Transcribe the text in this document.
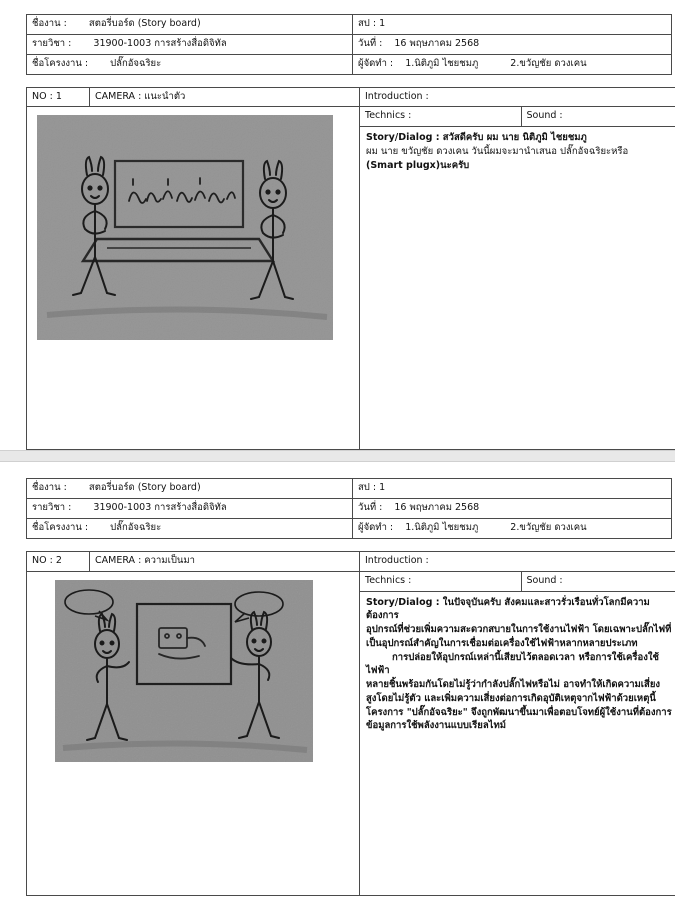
ชื่องาน : สตอรี่บอร์ด (Story board)	สป : 1
รายวิชา : 31900-1003 การสร้างสื่อดิจิทัล	วันที่ : 16 พฤษภาคม 2568
ชื่อโครงงาน : ปลั๊กอัจฉริยะ	ผู้จัดทำ : 1.นิติภูมิ ไชยชมภู 2.ขวัญชัย ดวงเคน
NO : 1	CAMERA : แนะนำตัว	Introduction :	

	Technics :	Sound :

		Story/Dialog : สวัสดีครับ ผม นาย นิติภูมิ ไชยชมภู
ผม นาย ขวัญชัย ดวงเคน วันนี้ผมจะมานำเสนอ ปลั๊กอัจฉริยะหรือ
(Smart plugx)นะครับ	
ชื่องาน : สตอรี่บอร์ด (Story board)	สป : 1
รายวิชา : 31900-1003 การสร้างสื่อดิจิทัล	วันที่ : 16 พฤษภาคม 2568
ชื่อโครงงาน : ปลั๊กอัจฉริยะ	ผู้จัดทำ : 1.นิติภูมิ ไชยชมภู 2.ขวัญชัย ดวงเคน
NO : 2	CAMERA : ความเป็นมา	Introduction :	

	Technics :	Sound :

Story/Dialog : ในปัจจุบันครับ สังคมและสาวรั่วเรือนทั่วโลกมีความต้องการ
อุปกรณ์ที่ช่วยเพิ่มความสะดวกสบายในการใช้งานไฟฟ้า โดยเฉพาะปลั๊กไฟที่
เป็นอุปกรณ์สำคัญในการเชื่อมต่อเครื่องใช้ไฟฟ้าหลากหลายประเภท
การปล่อยให้อุปกรณ์เหล่านี้เสียบไว้ตลอดเวลา หรือการใช้เครื่องใช้ไฟฟ้า
หลายชิ้นพร้อมกันโดยไม่รู้ว่ากำลังปลั๊กไฟหรือไม่ อาจทำให้เกิดความเสี่ยง
สูงโดยไม่รู้ตัว และเพิ่มความเสี่ยงต่อการเกิดอุบัติเหตุจากไฟฟ้าด้วยเหตุนี้
โครงการ "ปลั๊กอัจฉริยะ" จึงถูกพัฒนาขึ้นมาเพื่อตอบโจทย์ผู้ใช้งานที่ต้องการ
ข้อมูลการใช้พลังงานแบบเรียลไทม์
